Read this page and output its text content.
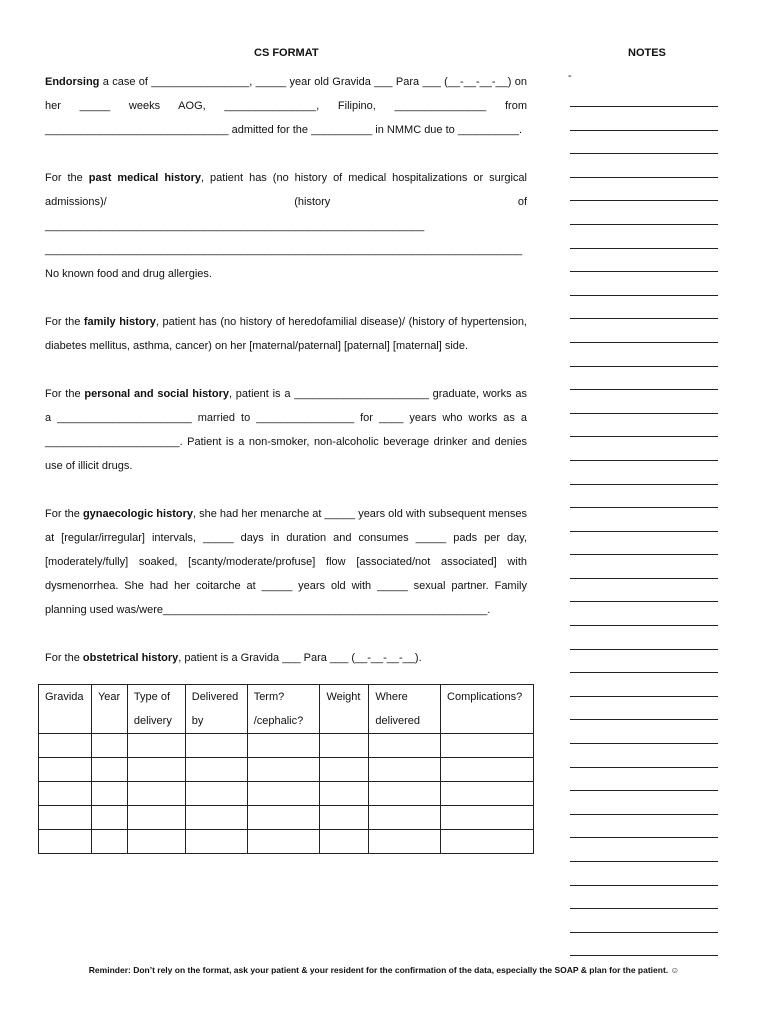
CS FORMAT	NOTES

Endorsing a case of ________________, _____ year old Gravida ___ Para ___ (__-__-__-__) on her _____ weeks AOG, _______________, Filipino, _______________ from ______________________________ admitted for the __________ in NMMC due to __________.

For the past medical history, patient has (no history of medical hospitalizations or surgical admissions)/ (history of ______________________________________________________________ ______________________________________________________________________________

No known food and drug allergies.

For the family history, patient has (no history of heredofamilial disease)/ (history of hypertension, diabetes mellitus, asthma, cancer) on her [maternal/paternal] [paternal] [maternal] side.

For the personal and social history, patient is a ______________________ graduate, works as a ______________________ married to ________________ for ____ years who works as a ______________________. Patient is a non-smoker, non-alcoholic beverage drinker and denies use of illicit drugs.

For the gynaecologic history, she had her menarche at _____ years old with subsequent menses at [regular/irregular] intervals, _____ days in duration and consumes _____ pads per day, [moderately/fully] soaked, [scanty/moderate/profuse] flow [associated/not associated] with dysmenorrhea. She had her coitarche at _____ years old with _____ sexual partner. Family planning used was/were_____________________________________________________.

For the obstetrical history, patient is a Gravida ___ Para ___ (__-__-__-__).

Gravida	Year	Type of delivery	Delivered by	Term? /cephalic?	Weight	Where delivered	Complications?

-
Reminder: Don’t rely on the format, ask your patient & your resident for the confirmation of the data, especially the SOAP & plan for the patient. ☺
